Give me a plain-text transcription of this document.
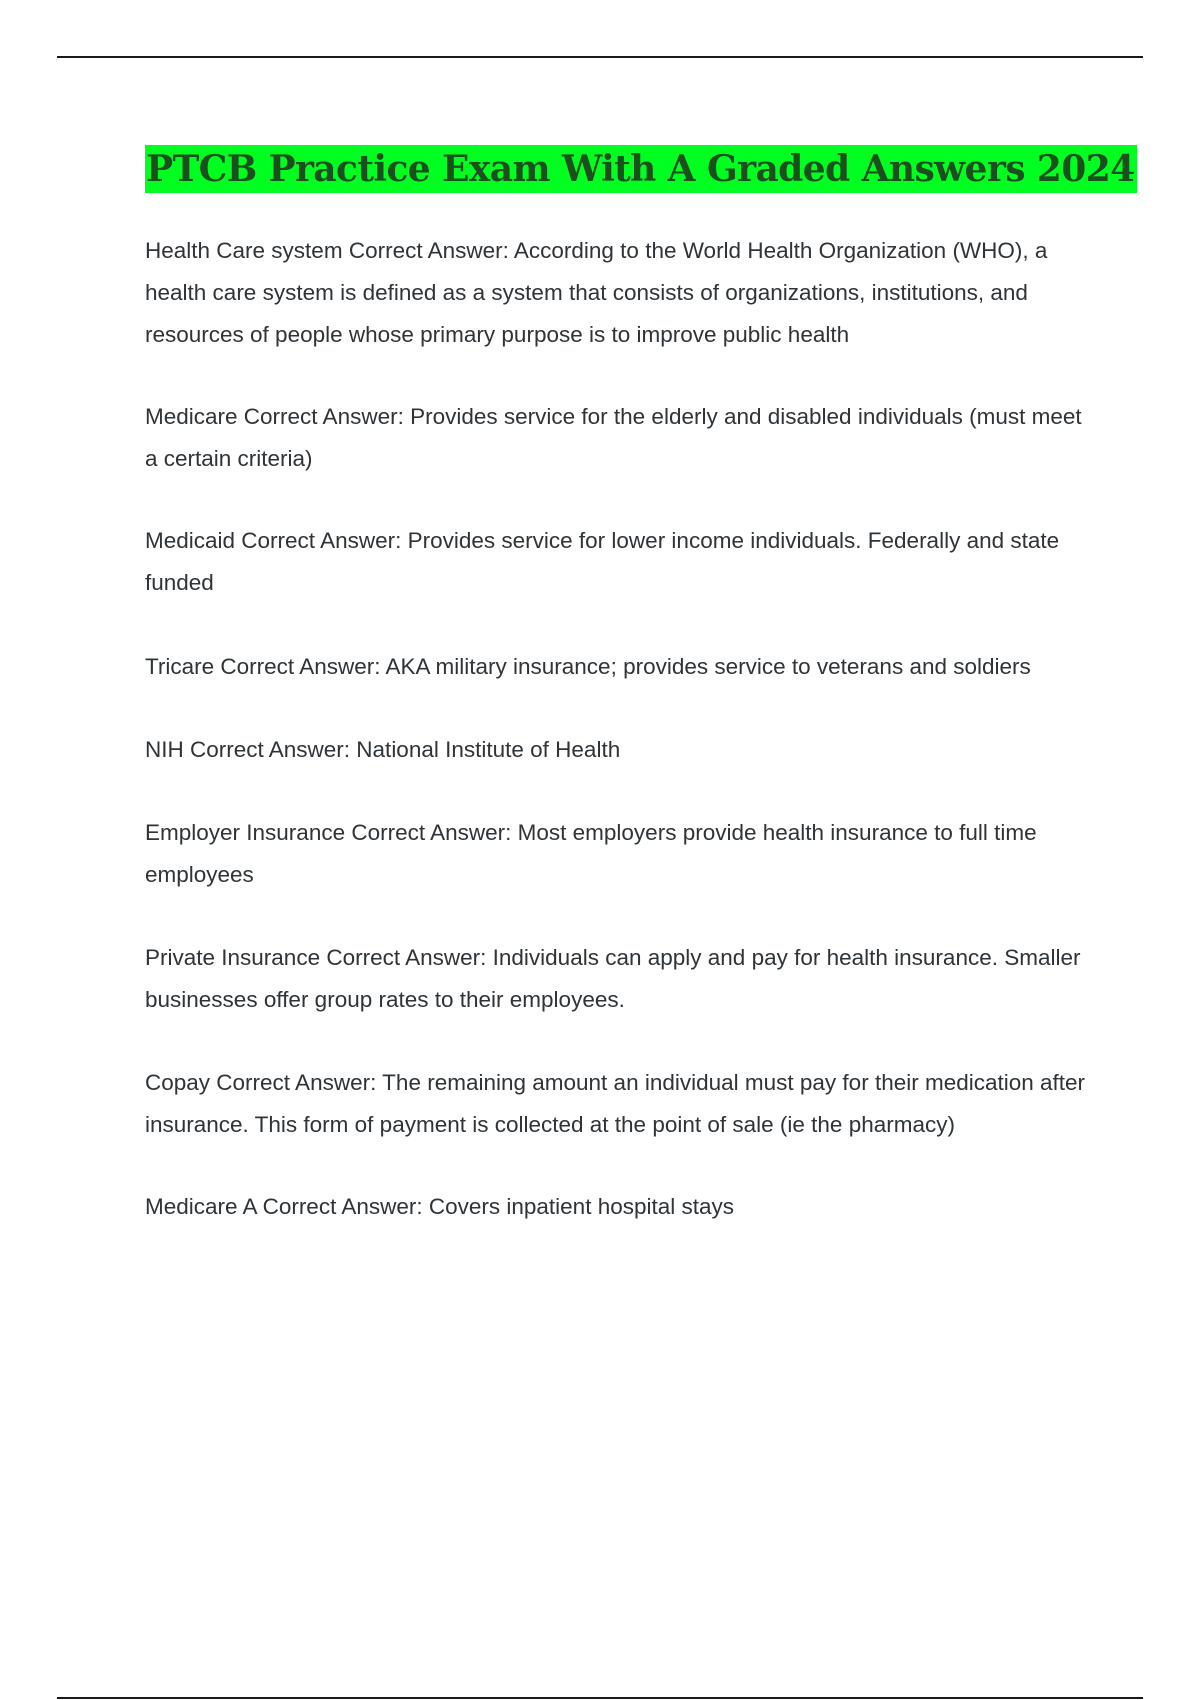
PTCB Practice Exam With A Graded Answers 2024

Health Care system Correct Answer: According to the World Health Organization (WHO), a health care system is defined as a system that consists of organizations, institutions, and resources of people whose primary purpose is to improve public health

Medicare Correct Answer: Provides service for the elderly and disabled individuals (must meet a certain criteria)

Medicaid Correct Answer: Provides service for lower income individuals. Federally and state funded

Tricare Correct Answer: AKA military insurance; provides service to veterans and soldiers

NIH Correct Answer: National Institute of Health

Employer Insurance Correct Answer: Most employers provide health insurance to full time employees

Private Insurance Correct Answer: Individuals can apply and pay for health insurance. Smaller businesses offer group rates to their employees.

Copay Correct Answer: The remaining amount an individual must pay for their medication after insurance. This form of payment is collected at the point of sale (ie the pharmacy)

Medicare A Correct Answer: Covers inpatient hospital stays
